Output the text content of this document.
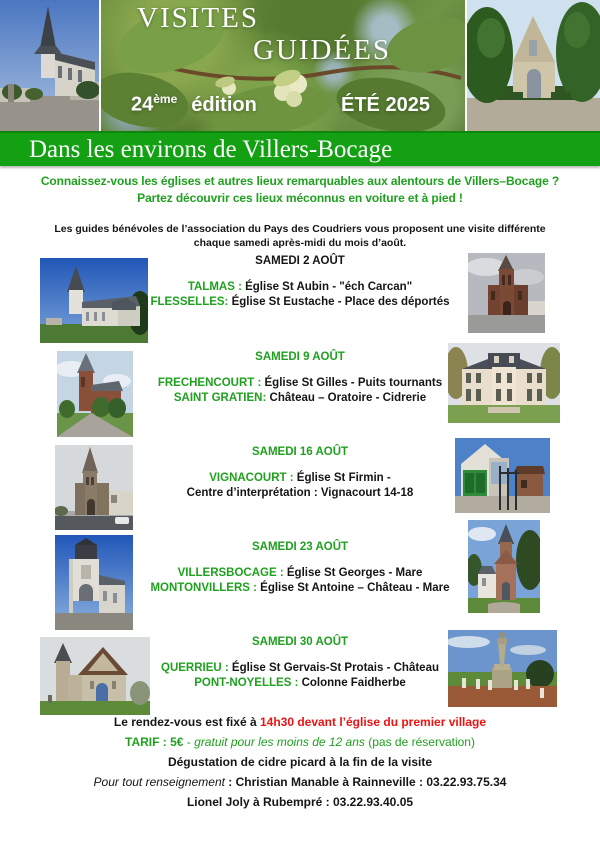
VISITES
GUIDÉES
24ème édition	ÉTÉ 2025
Dans les environs de Villers-Bocage
Connaissez-vous les églises et autres lieux remarquables aux alentours de Villers–Bocage ?
Partez découvrir ces lieux méconnus en voiture et à pied !
Les guides bénévoles de l’association du Pays des Coudriers vous proposent une visite différente
chaque samedi après-midi du mois d’août.

SAMEDI 2 AOÛT

TALMAS : Église St Aubin - "éch Carcan"

FLESSELLES: Église St Eustache - Place des déportés

SAMEDI 9 AOÛT

FRECHENCOURT : Église St Gilles - Puits tournants

SAINT GRATIEN: Château – Oratoire - Cidrerie

SAMEDI 16 AOÛT

VIGNACOURT : Église St Firmin -

Centre d’interprétation : Vignacourt 14-18

SAMEDI 23 AOÛT

VILLERSBOCAGE : Église St Georges - Mare

MONTONVILLERS : Église St Antoine – Château - Mare

SAMEDI 30 AOÛT

QUERRIEU : Église St Gervais-St Protais - Château

PONT-NOYELLES : Colonne Faidherbe

Le rendez-vous est fixé à 14h30 devant l’église du premier village

TARIF : 5€ - gratuit pour les moins de 12 ans (pas de réservation)

Dégustation de cidre picard à la fin de la visite

Pour tout renseignement : Christian Manable à Rainneville : 03.22.93.75.34

Lionel Joly à Rubempré : 03.22.93.40.05
